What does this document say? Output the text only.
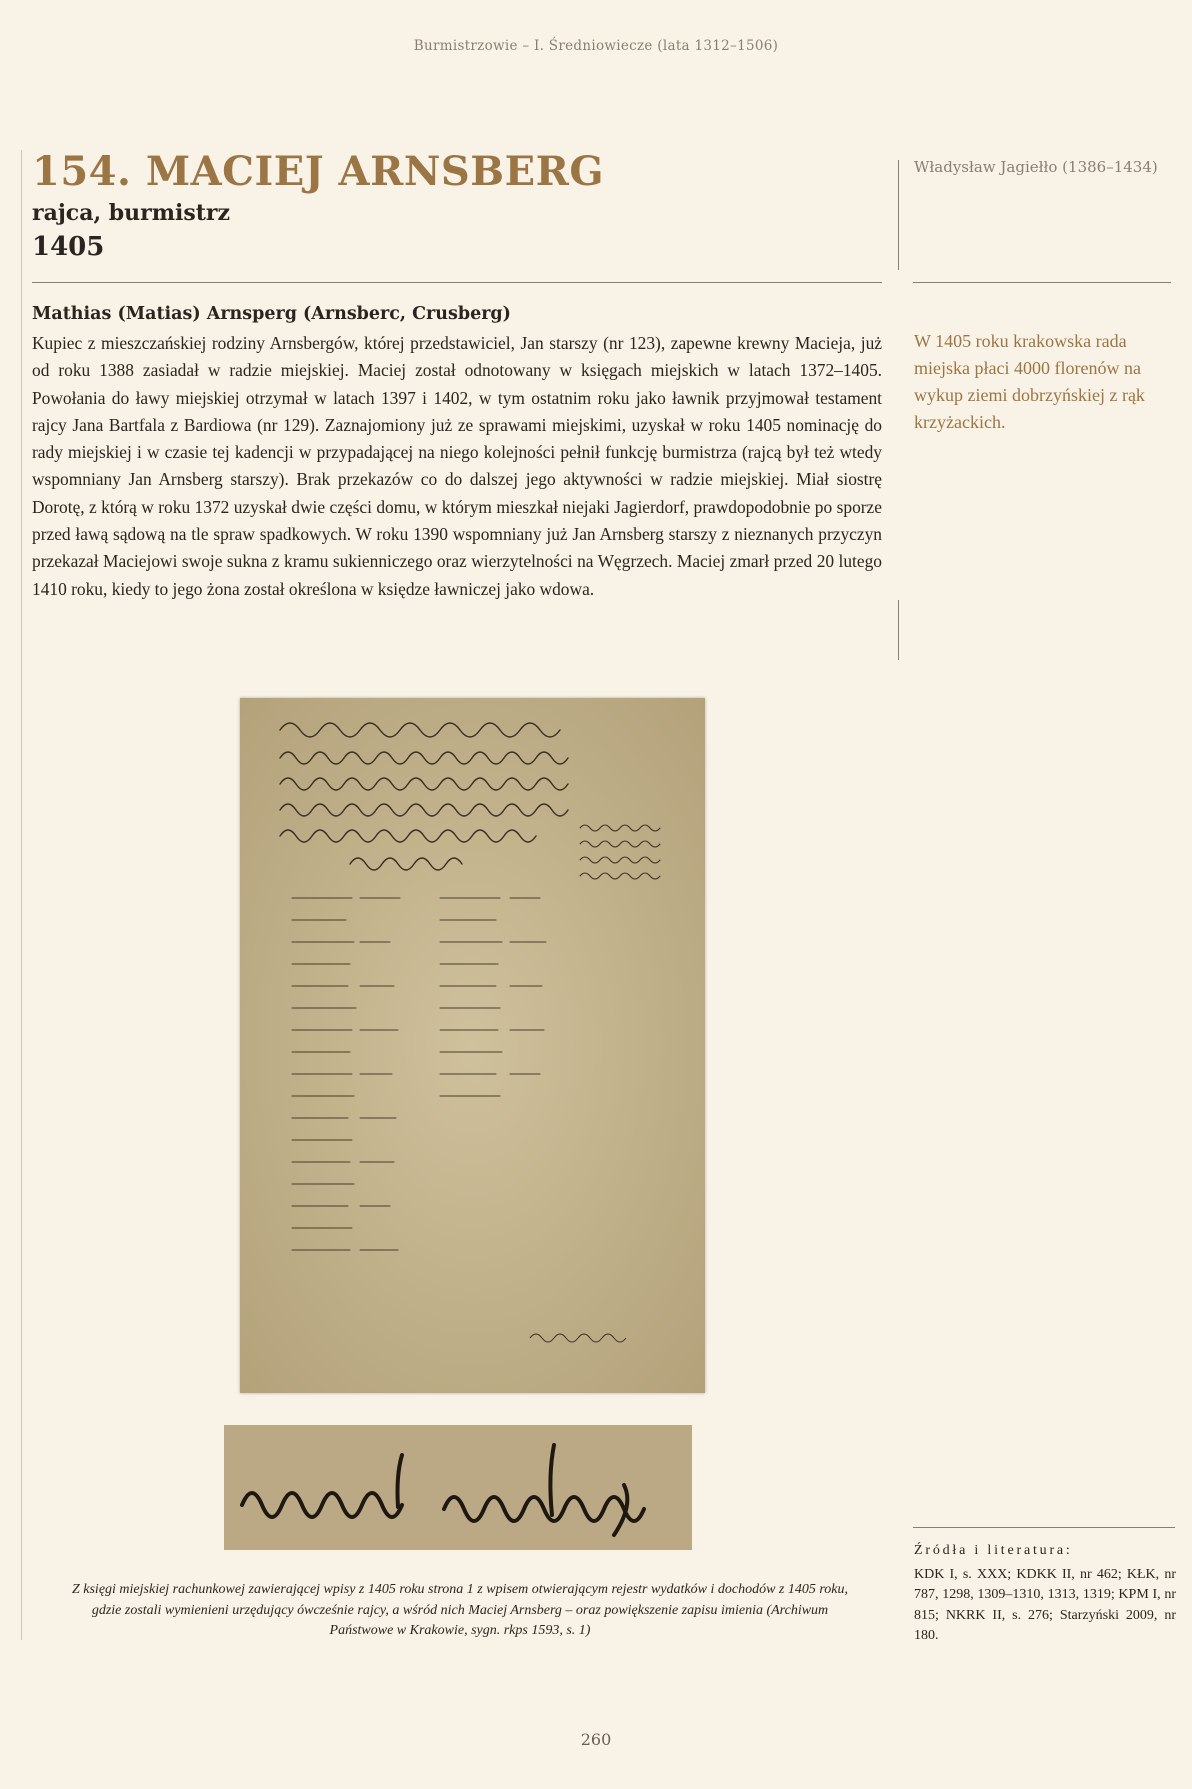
Burmistrzowie – I. Średniowiecze (lata 1312–1506)

154. MACIEJ ARNSBERG
rajca, burmistrz
1405
Władysław Jagiełło (1386–1434)
Mathias (Matias) Arnsperg (Arnsberc, Crusberg)

Kupiec z mieszczańskiej rodziny Arnsbergów, której przedstawiciel, Jan starszy (nr 123), zapewne krewny Macieja, już od roku 1388 zasiadał w radzie miejskiej. Maciej został odnotowany w księgach miejskich w latach 1372–1405. Powołania do ławy miejskiej otrzymał w latach 1397 i 1402, w tym ostatnim roku jako ławnik przyjmował testament rajcy Jana Bartfala z Bardiowa (nr 129). Zaznajomiony już ze sprawami miejskimi, uzyskał w roku 1405 nominację do rady miejskiej i w czasie tej kadencji w przypadającej na niego kolejności pełnił funkcję burmistrza (rajcą był też wtedy wspomniany Jan Arnsberg starszy). Brak przekazów co do dalszej jego aktywności w radzie miejskiej. Miał siostrę Dorotę, z którą w roku 1372 uzyskał dwie części domu, w którym mieszkał niejaki Jagierdorf, prawdopodobnie po sporze przed ławą sądową na tle spraw spadkowych. W roku 1390 wspomniany już Jan Arnsberg starszy z nieznanych przyczyn przekazał Maciejowi swoje sukna z kramu sukienniczego oraz wierzytelności na Węgrzech. Maciej zmarł przed 20 lutego 1410 roku, kiedy to jego żona został określona w księdze ławniczej jako wdowa.

W 1405 roku krakowska rada miejska płaci 4000 florenów na wykup ziemi dobrzyńskiej z rąk krzyżackich.

Z księgi miejskiej rachunkowej zawierającej wpisy z 1405 roku strona 1 z wpisem otwierającym rejestr wydatków i dochodów z 1405 roku, gdzie zostali wymienieni urzędujący ówcześnie rajcy, a wśród nich Maciej Arnsberg – oraz powiększenie zapisu imienia (Archiwum Państwowe w Krakowie, sygn. rkps 1593, s. 1)

Źródła i literatura:

KDK I, s. XXX; KDKK II, nr 462; KŁK, nr 787, 1298, 1309–1310, 1313, 1319; KPM I, nr 815; NKRK II, s. 276; Starzyński 2009, nr 180.

260
